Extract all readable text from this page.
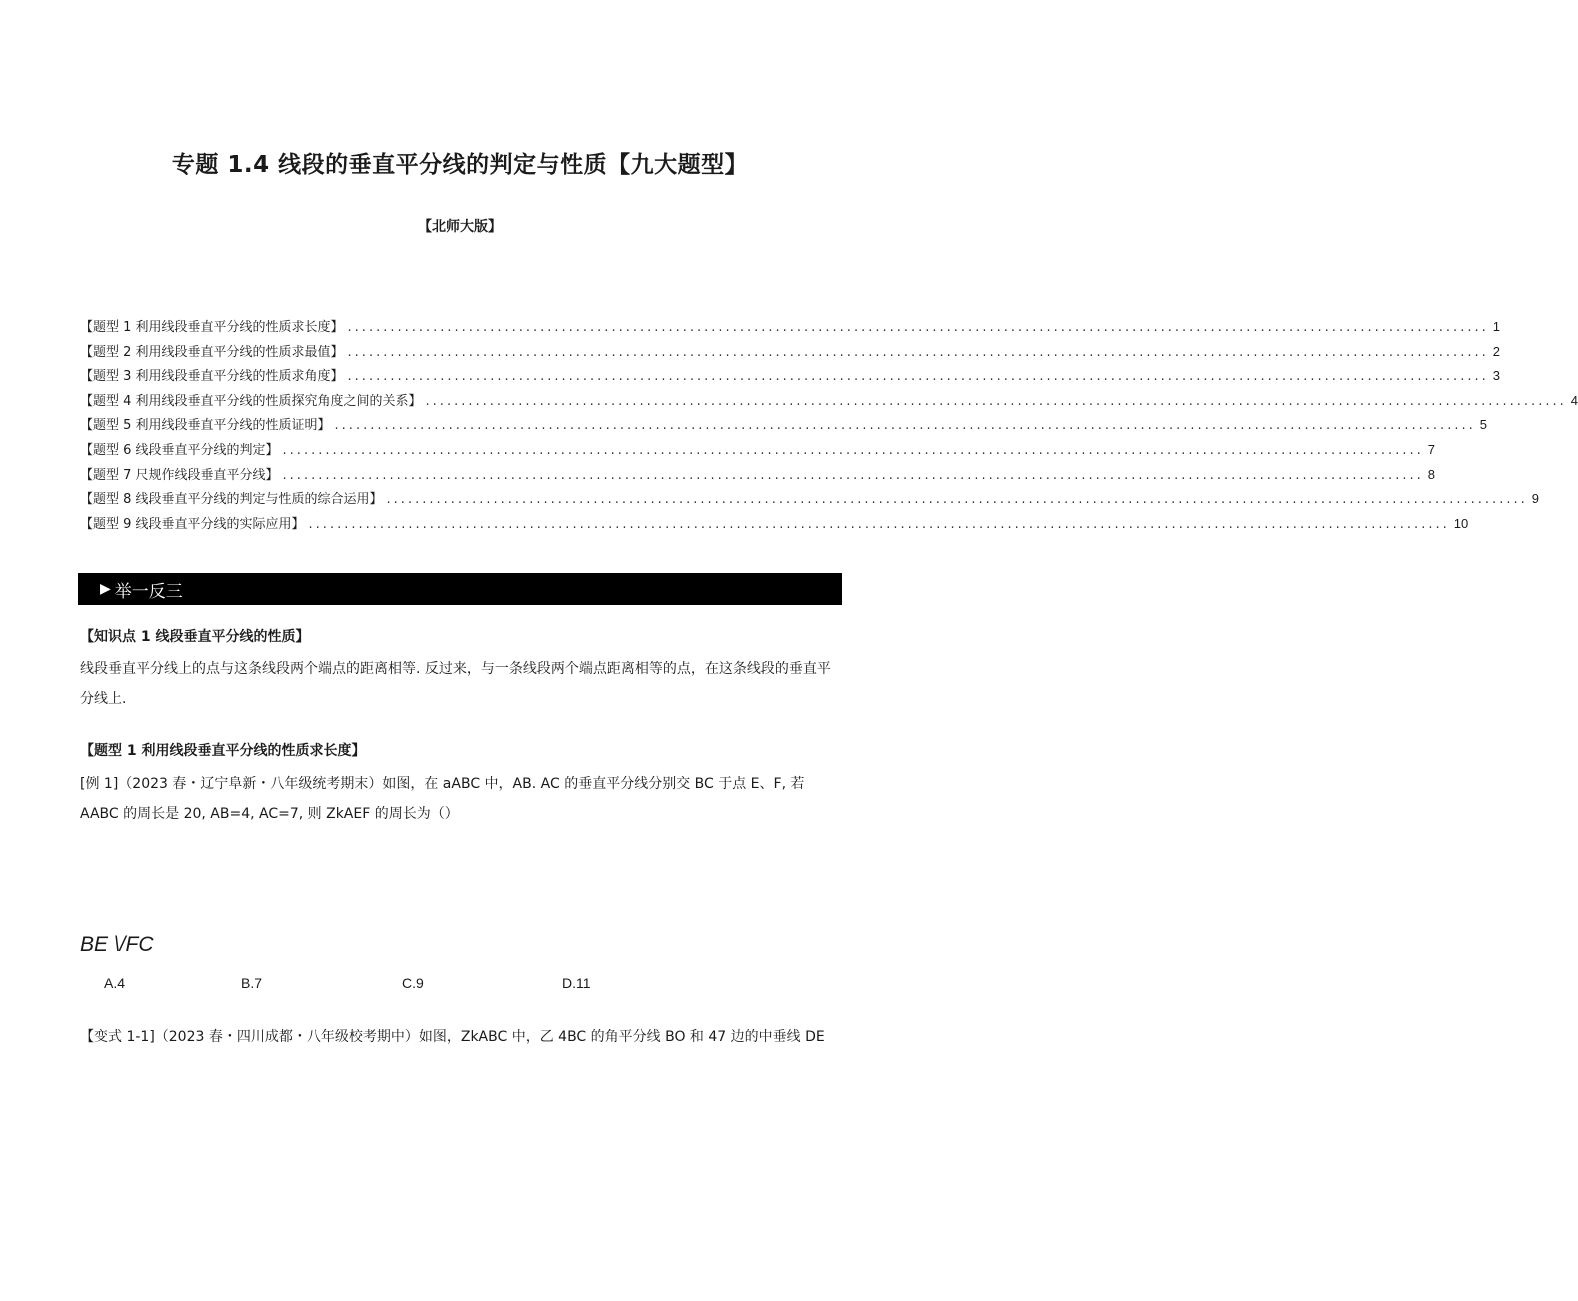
专题 1.4 线段的垂直平分线的判定与性质【九大题型】
【北师大版】
【题型 1 利用线段垂直平分线的性质求长度】 ................................................................................................................................................................ 1
【题型 2 利用线段垂直平分线的性质求最值】 ................................................................................................................................................................ 2
【题型 3 利用线段垂直平分线的性质求角度】 ................................................................................................................................................................ 3
【题型 4 利用线段垂直平分线的性质探究角度之间的关系】 ................................................................................................................................................................ 4
【题型 5 利用线段垂直平分线的性质证明】 ................................................................................................................................................................ 5
【题型 6 线段垂直平分线的判定】 ................................................................................................................................................................ 7
【题型 7 尺规作线段垂直平分线】 ................................................................................................................................................................ 8
【题型 8 线段垂直平分线的判定与性质的综合运用】 ................................................................................................................................................................ 9
【题型 9 线段垂直平分线的实际应用】 ................................................................................................................................................................ 10
▶ 举一反三
【知识点 1 线段垂直平分线的性质】
线段垂直平分线上的点与这条线段两个端点的距离相等. 反过来，与一条线段两个端点距离相等的点，在这条线段的垂直平分线上.
【题型 1 利用线段垂直平分线的性质求长度】
[例 1]（2023 春・辽宁阜新・八年级统考期末）如图，在 aABC 中，AB. AC 的垂直平分线分别交 BC 于点 E、F, 若 AABC 的周长是 20, AB=4, AC=7, 则 ZkAEF 的周长为（）
BE \/FC
A.4	B.7	C.9	D.11
【变式 1-1]（2023 春・四川成都・八年级校考期中）如图，ZkABC 中，乙 4BC 的角平分线 BO 和 47 边的中垂线 DE
